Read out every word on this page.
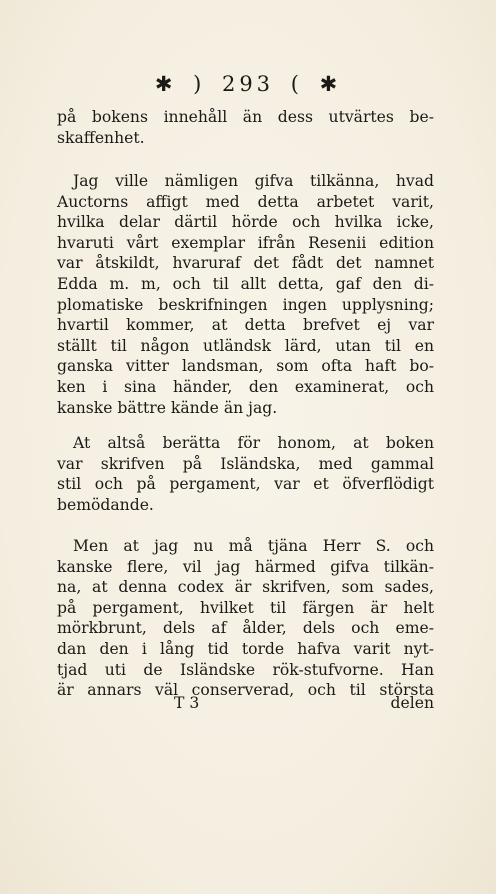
✱ ) 293 ( ✱
på bokens innehåll än dess utvärtes be-
skaffenhet.
Jag ville nämligen gifva tilkänna, hvad
Auctorns affigt med detta arbetet varit,
hvilka delar därtil hörde och hvilka icke,
hvaruti vårt exemplar ifrån Resenii edition
var åtskildt, hvaruraf det fådt det namnet
Edda m. m, och til allt detta, gaf den di-
plomatiske beskrifningen ingen upplysning;
hvartil kommer, at detta brefvet ej var
ställt til någon utländsk lärd, utan til en
ganska vitter landsman, som ofta haft bo-
ken i sina händer, den examinerat, och
kanske bättre kände än jag.
At altså berätta för honom, at boken
var skrifven på Isländska, med gammal
stil och på pergament, var et öfverflödigt
bemödande.
Men at jag nu må tjäna Herr S. och
kanske flere, vil jag härmed gifva tilkän-
na, at denna codex är skrifven, som sades,
på pergament, hvilket til färgen är helt
mörkbrunt, dels af ålder, dels och eme-
dan den i lång tid torde hafva varit nyt-
tjad uti de Isländske rök-stufvorne. Han
är annars väl conserverad, och til största
T 3	delen
